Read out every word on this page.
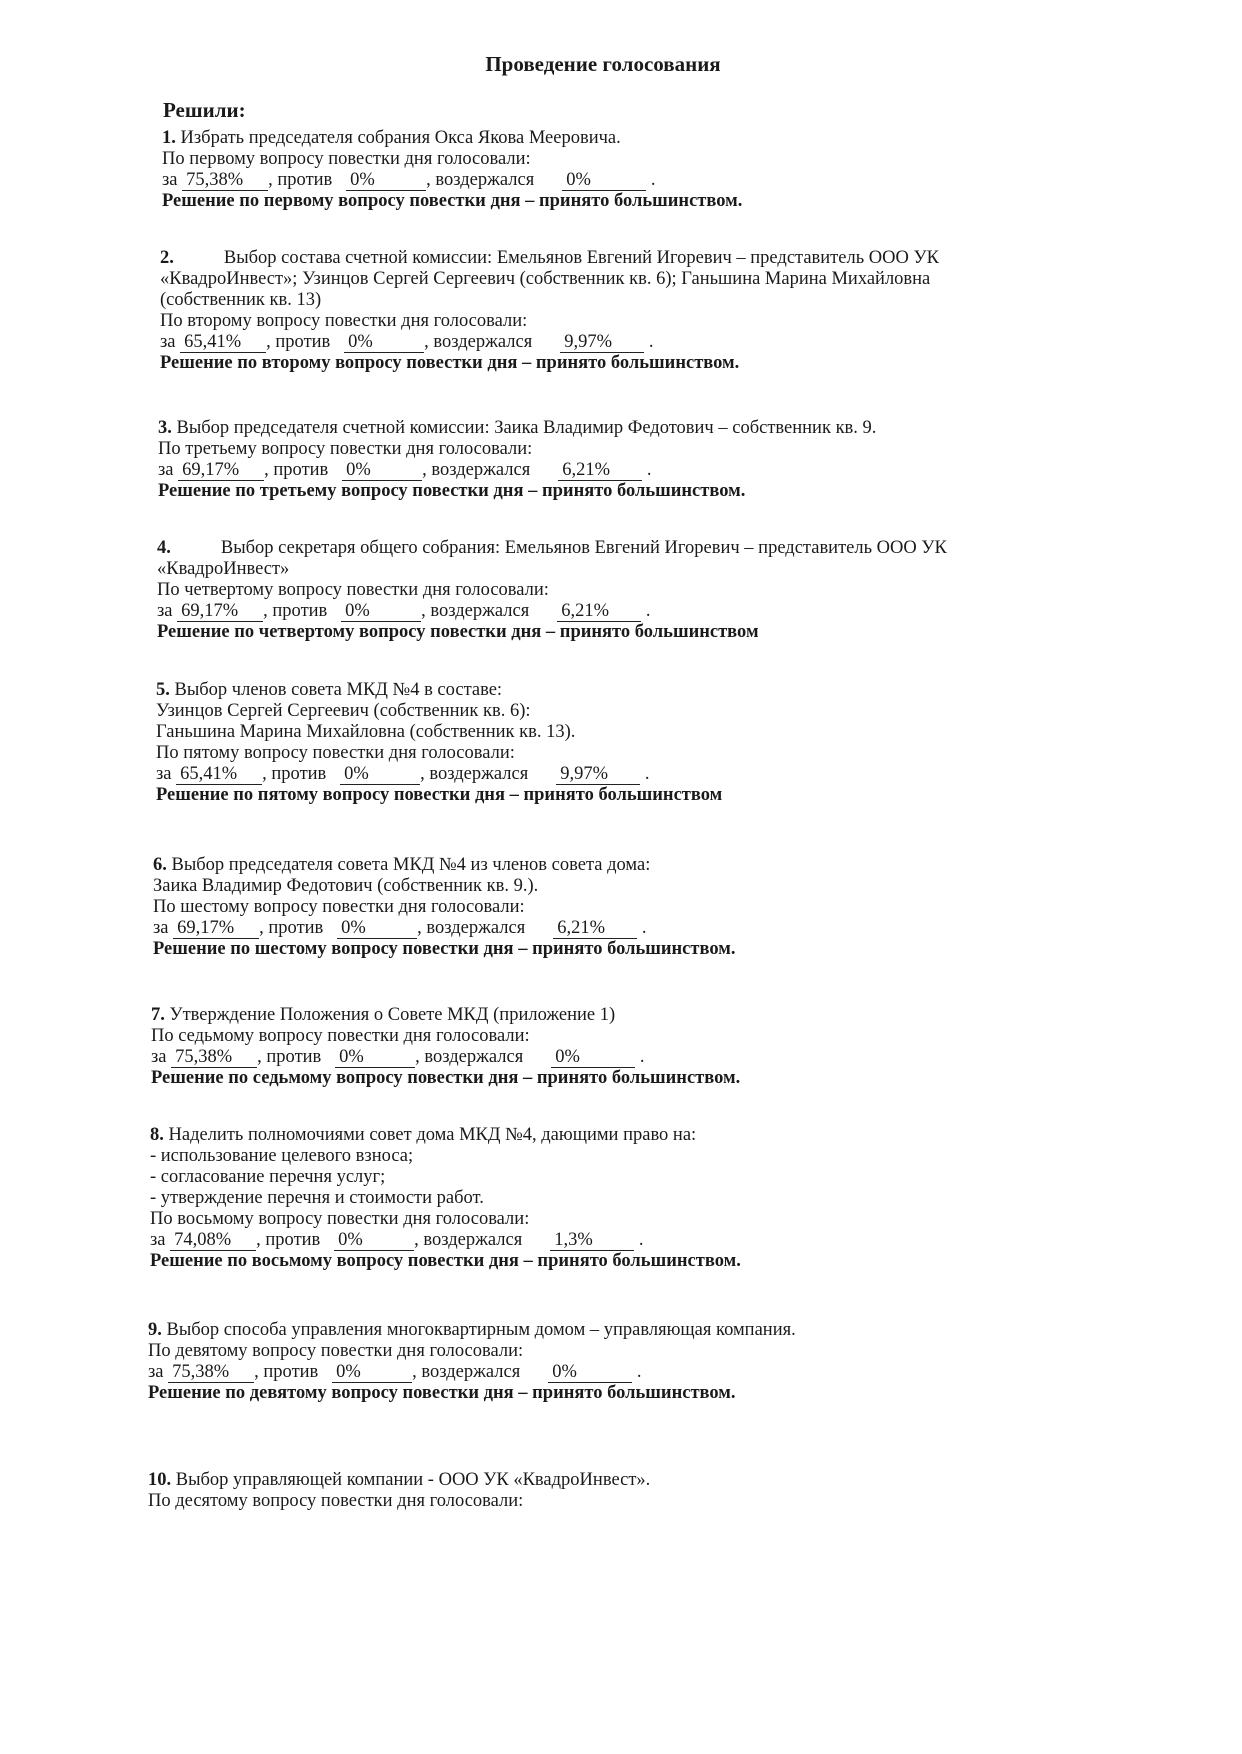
Проведение голосования
Решили:

1. Избрать председателя собрания Окса Якова Мееровича.

По первому вопросу повестки дня голосовали:

за 75,38% , против 0%	, воздержался 0%	.

Решение по первому вопросу повестки дня – принято большинством.

2.	Выбор состава счетной комиссии: Емельянов Евгений Игоревич – представитель ООО УК

«КвадроИнвест»; Узинцов Сергей Сергеевич (собственник кв. 6); Ганьшина Марина Михайловна

(собственник кв. 13)

По второму вопросу повестки дня голосовали:

за 65,41% , против 0%	, воздержался 9,97% .

Решение по второму вопросу повестки дня – принято большинством.

3. Выбор председателя счетной комиссии: Заика Владимир Федотович – собственник кв. 9.

По третьему вопросу повестки дня голосовали:

за 69,17% , против 0%	, воздержался 6,21% .

Решение по третьему вопросу повестки дня – принято большинством.

4.	Выбор секретаря общего собрания: Емельянов Евгений Игоревич – представитель ООО УК

«КвадроИнвест»

По четвертому вопросу повестки дня голосовали:

за 69,17% , против 0%	, воздержался 6,21% .

Решение по четвертому вопросу повестки дня – принято большинством

5. Выбор членов совета МКД №4 в составе:

Узинцов Сергей Сергеевич (собственник кв. 6):

Ганьшина Марина Михайловна (собственник кв. 13).

По пятому вопросу повестки дня голосовали:

за 65,41% , против 0%	, воздержался 9,97% .

Решение по пятому вопросу повестки дня – принято большинством

6. Выбор председателя совета МКД №4 из членов совета дома:

Заика Владимир Федотович (собственник кв. 9.).

По шестому вопросу повестки дня голосовали:

за 69,17% , против 0%	, воздержался 6,21% .

Решение по шестому вопросу повестки дня – принято большинством.

7. Утверждение Положения о Совете МКД (приложение 1)

По седьмому вопросу повестки дня голосовали:

за 75,38% , против 0%	, воздержался 0%	.

Решение по седьмому вопросу повестки дня – принято большинством.

8. Наделить полномочиями совет дома МКД №4, дающими право на:

- использование целевого взноса;

- согласование перечня услуг;

- утверждение перечня и стоимости работ.

По восьмому вопросу повестки дня голосовали:

за 74,08% , против 0%	, воздержался 1,3% .

Решение по восьмому вопросу повестки дня – принято большинством.

9. Выбор способа управления многоквартирным домом – управляющая компания.

По девятому вопросу повестки дня голосовали:

за 75,38% , против 0%	, воздержался 0%	.

Решение по девятому вопросу повестки дня – принято большинством.

10. Выбор управляющей компании - ООО УК «КвадроИнвест».

По десятому вопросу повестки дня голосовали:
